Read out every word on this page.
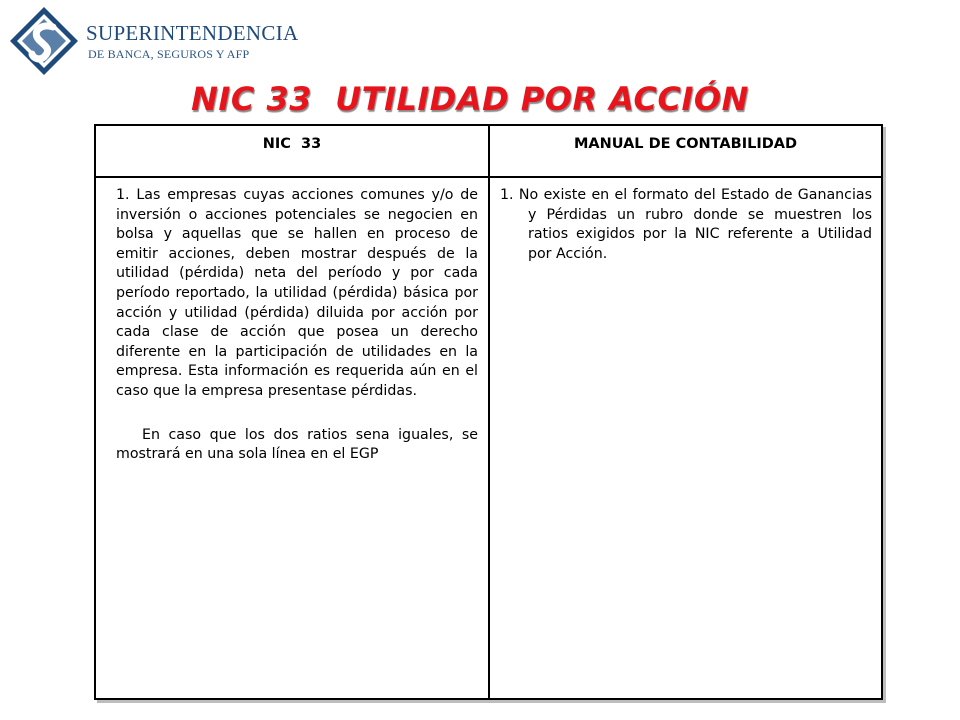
SUPERINTENDENCIA
DE BANCA, SEGUROS Y AFP
NIC 33  UTILIDAD POR ACCIÓN
NIC  33	MANUAL DE CONTABILIDAD

1. Las empresas cuyas acciones comunes y/o de inversión o acciones potenciales se negocien en bolsa y aquellas que se hallen en proceso de emitir acciones, deben mostrar después de la utilidad (pérdida) neta del período y por cada período reportado, la utilidad (pérdida) básica por acción y utilidad (pérdida) diluida por acción por cada clase de acción que posea un derecho diferente en la participación de utilidades en la empresa. Esta información es requerida aún en el caso que la empresa presentase pérdidas.

En caso que los dos ratios sena iguales, se mostrará en una sola línea en el EGP

1. No existe en el formato del Estado de Ganancias y Pérdidas un rubro donde se muestren los ratios exigidos por la NIC referente a Utilidad por Acción.
